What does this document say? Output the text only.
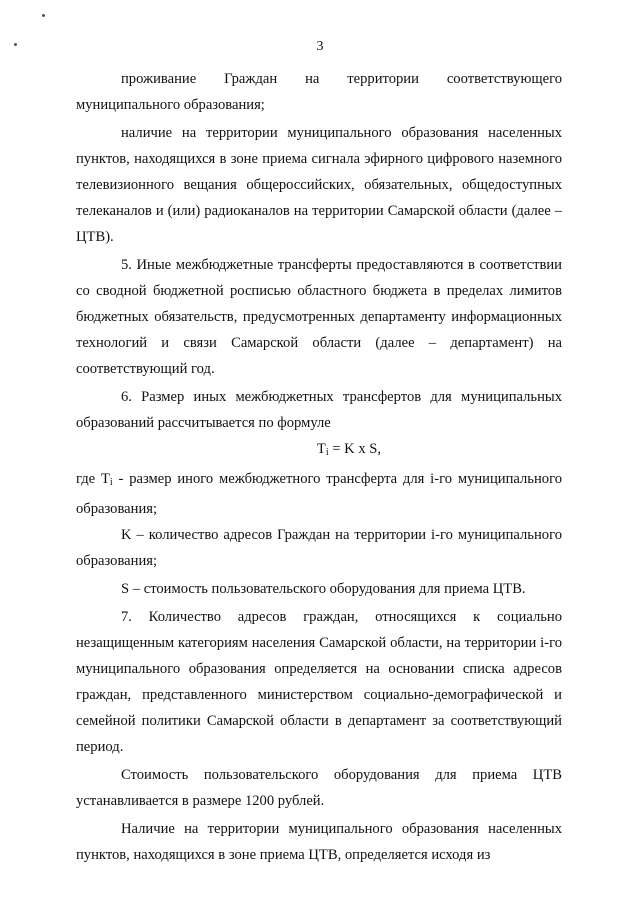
3

проживание Граждан на территории соответствующего муниципального образования;

наличие на территории муниципального образования населенных пунктов, находящихся в зоне приема сигнала эфирного цифрового наземного телевизионного вещания общероссийских, обязательных, общедоступных телеканалов и (или) радиоканалов на территории Самарской области (далее – ЦТВ).

5. Иные межбюджетные трансферты предоставляются в соответствии со сводной бюджетной росписью областного бюджета в пределах лимитов бюджетных обязательств, предусмотренных департаменту информационных технологий и связи Самарской области (далее – департамент) на соответствующий год.

6. Размер иных межбюджетных трансфертов для муниципальных образований рассчитывается по формуле

$T_i = K$ x S,

где $T_i$ - размер иного межбюджетного трансферта для i-го муниципального образования;

K – количество адресов Граждан на территории i-го муниципального образования;

S – стоимость пользовательского оборудования для приема ЦТВ.

7. Количество адресов граждан, относящихся к социально незащищенным категориям населения Самарской области, на территории i-го муниципального образования определяется на основании списка адресов граждан, представленного министерством социально-демографической и семейной политики Самарской области в департамент за соответствующий период.

Стоимость пользовательского оборудования для приема ЦТВ устанавливается в размере 1200 рублей.

Наличие на территории муниципального образования населенных пунктов, находящихся в зоне приема ЦТВ, определяется исходя из
